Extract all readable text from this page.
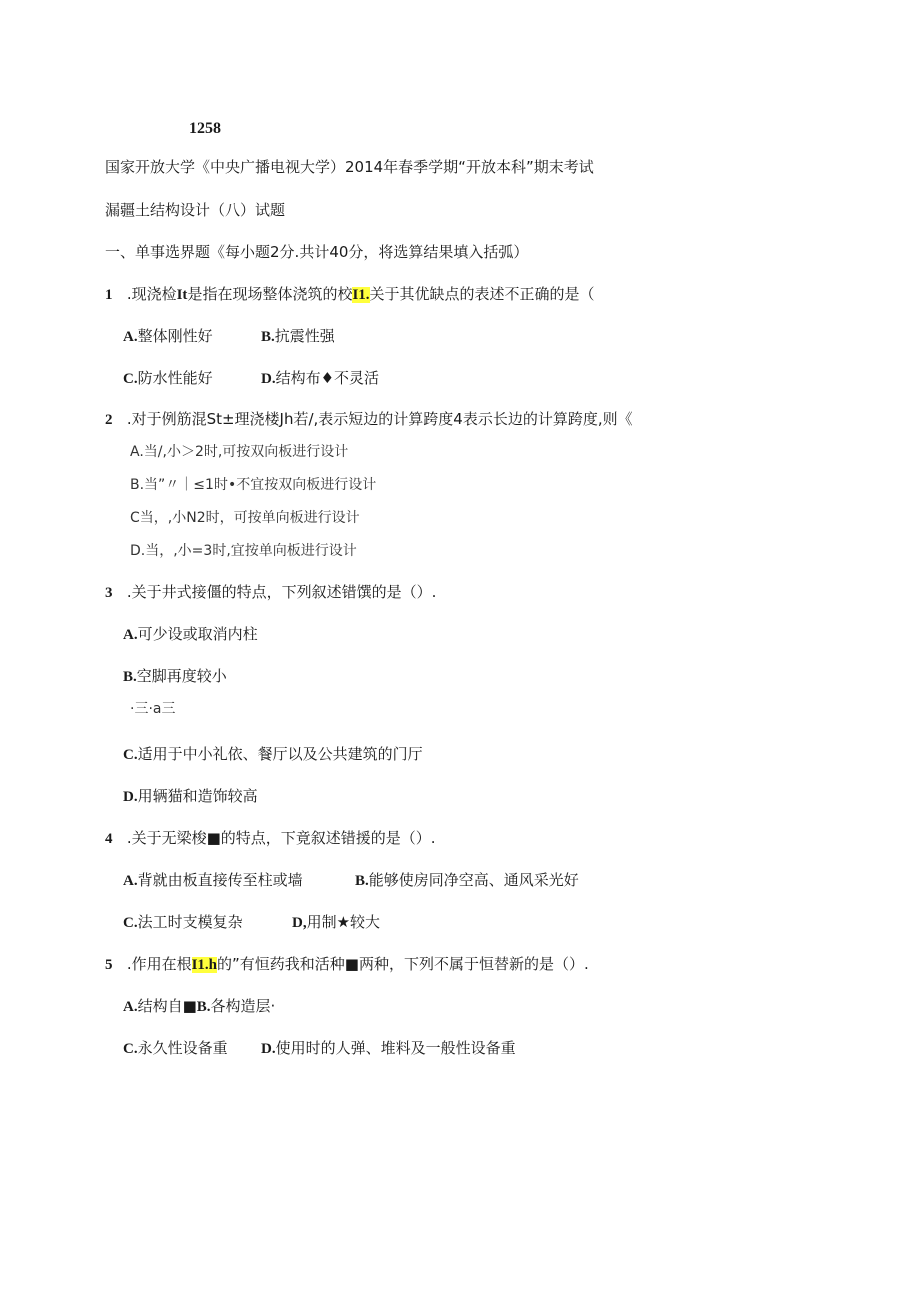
1258
国家开放大学《中央广播电视大学）2014年春季学期“开放本科”期末考试
漏疆土结构设计（八）试题
一、单事选界题《每小题2分.共计40分，将选算结果填入括弧）
1 .现浇检It是指在现场整体浇筑的校I1.关于其优缺点的表述不正确的是（
A.整体刚性好	B.抗震性强
C.防水性能好	D.结构布♦不灵活
2 .对于例筋混St±理浇楼Jh若/,表示短边的计算跨度4表示长边的计算跨度,则《
A.当/,小＞2时,可按双向板进行设计
B.当”〃｜≤1时•不宜按双向板进行设计
C当，,小N2时，可按单向板进行设计
D.当，,小=3时,宜按单向板进行设计
3 .关于井式接僵的特点，下列叙述错馔的是（）.
A.可少设或取消内柱
B.空脚再度较小
·三·a三
C.适用于中小礼依、餐厅以及公共建筑的门厅
D.用辆猫和造饰较高
4 .关于无梁梭■的特点，下竟叙述错援的是（）.
A.背就由板直接传至柱或墙	B.能够使房同净空高、通风采光好
C.法工时支模复杂	D,用制★较大
5 .作用在根I1.h的”有恒药我和活种■两种，下列不属于恒替新的是（）.
A.结构自■B.各构造层·
C.永久性设备重 D.使用时的人弹、堆料及一般性设备重
